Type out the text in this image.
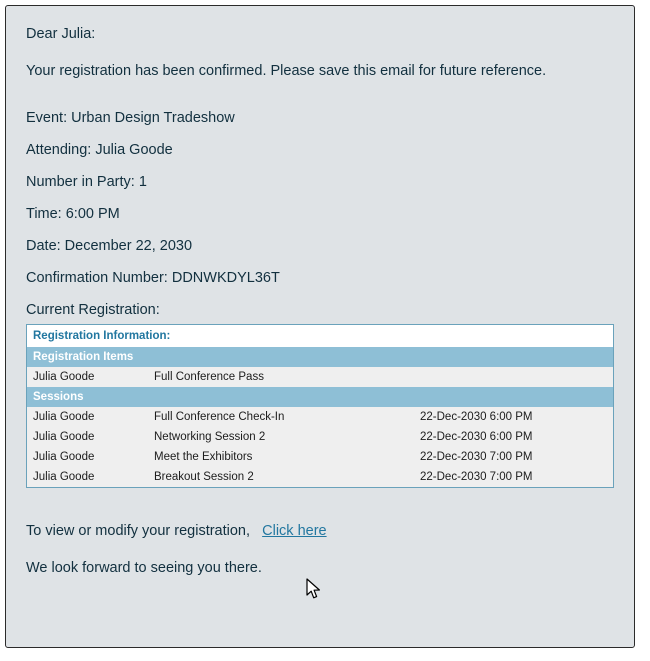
Dear Julia:

Your registration has been confirmed. Please save this email for future reference.

Event: Urban Design Tradeshow

Attending: Julia Goode

Number in Party: 1

Time: 6:00 PM

Date: December 22, 2030

Confirmation Number: DDNWKDYL36T

Current Registration:

Registration Information:		
Registration Items		
Julia Goode	Full Conference Pass	
Sessions		
Julia Goode	Full Conference Check-In	22-Dec-2030 6:00 PM
Julia Goode	Networking Session 2	22-Dec-2030 6:00 PM
Julia Goode	Meet the Exhibitors	22-Dec-2030 7:00 PM
Julia Goode	Breakout Session 2	22-Dec-2030 7:00 PM

To view or modify your registration, Click here

We look forward to seeing you there.
